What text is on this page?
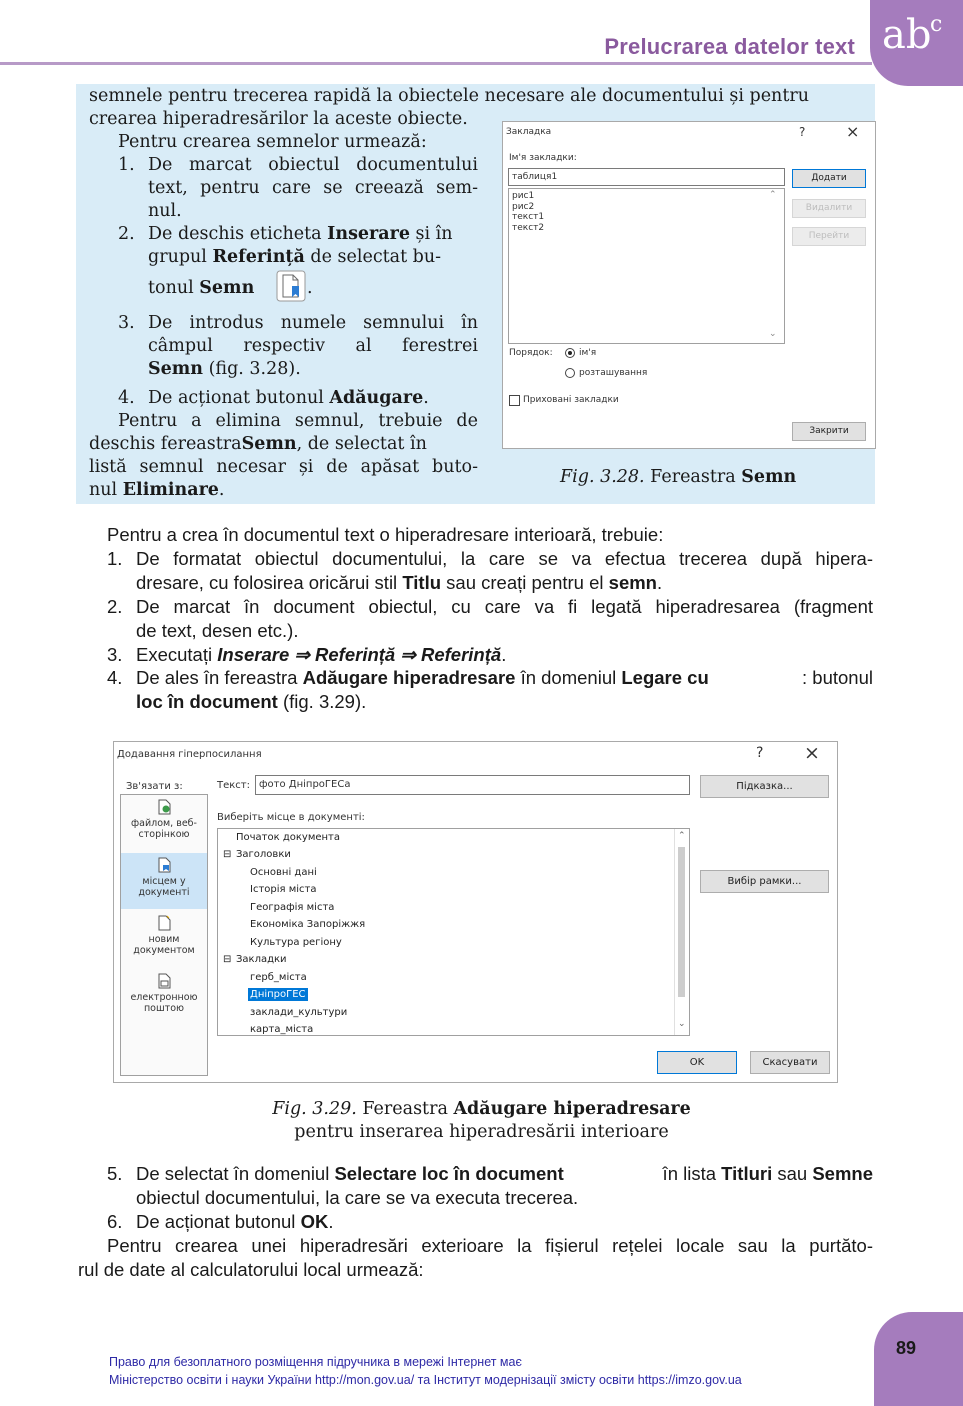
Prelucrarea datelor text ab
c
semnele pentru trecerea rapidă la obiectele necesare ale documentului și pentru
crearea hiperadresărilor la aceste obiecte.
Pentru crearea semnelor urmează:
1. De marcat obiectul documentului
text, pentru care se creează sem-
nul.
2. De deschis eticheta Inserare și în
grupul Referință de selectat bu-
tonul Semn	.
3. De introdus numele semnului în
câmpul respectiv al ferestrei
Semn (fig. 3.28).
4. De acționat butonul Adăugare.
Pentru a elimina semnul, trebuie de
deschis fereastra Semn , de selectat în
listă semnul necesar și de apăsat buto-
nul Eliminare.
Fig. 3.28. Fereastra Semn
Закладка	?	×
Ім'я закладки:
таблиця1
рис1
рис2
текст1
текст2
⌃
⌄
Додати
Видалити
Перейти
Порядок:	ім'я
розташування
Приховані закладки
Закрити
Pentru a crea în documentul text o hiperadresare interioară, trebuie:
1. De formatat obiectul documentului, la care se va efectua trecerea după hipera-
dresare, cu folosirea oricărui stil Titlu sau creați pentru el semn.
2. De marcat în document obiectul, cu care va fi legată hiperadresarea (fragment
de text, desen etc.).
3. Executați Inserare ⇒ Referință ⇒ Referință.
4. De ales în fereastra Adăugare hiperadresare în domeniul Legare cu	: butonul
loc în document (fig. 3.29).
Додавання гіперпосилання	? ×
Зв'язати з:
файлом, веб-сторінкою
місцем у документі
новим документом
електронною поштою
Текст: фото ДніпроГЕСа	Підказка...
Виберіть місце в документі:
Початок документа
⊟ Заголовки
Основні дані
Історія міста
Географія міста
Економіка Запоріжжя
Культура регіону
⊟ Закладки
герб_міста
ДніпроГЕС
заклади_культури
карта_міста
⌃
⌄
Вибір рамки...
OK	Скасувати
Fig. 3.29. Fereastra Adăugare hiperadresare
pentru inserarea hiperadresării interioare
5. De selectat în domeniul Selectare loc în document	în lista Titluri sau Semne
obiectul documentului, la care se va executa trecerea.
6. De acționat butonul OK.
Pentru crearea unei hiperadresări exterioare la fișierul rețelei locale sau la purtăto-
rul de date al calculatorului local urmează:
89
Право для безоплатного розміщення підручника в мережі Інтернет має
Міністерство освіти і науки України http://mon.gov.ua/ та Інститут модернізації змісту освіти https://imzo.gov.ua
